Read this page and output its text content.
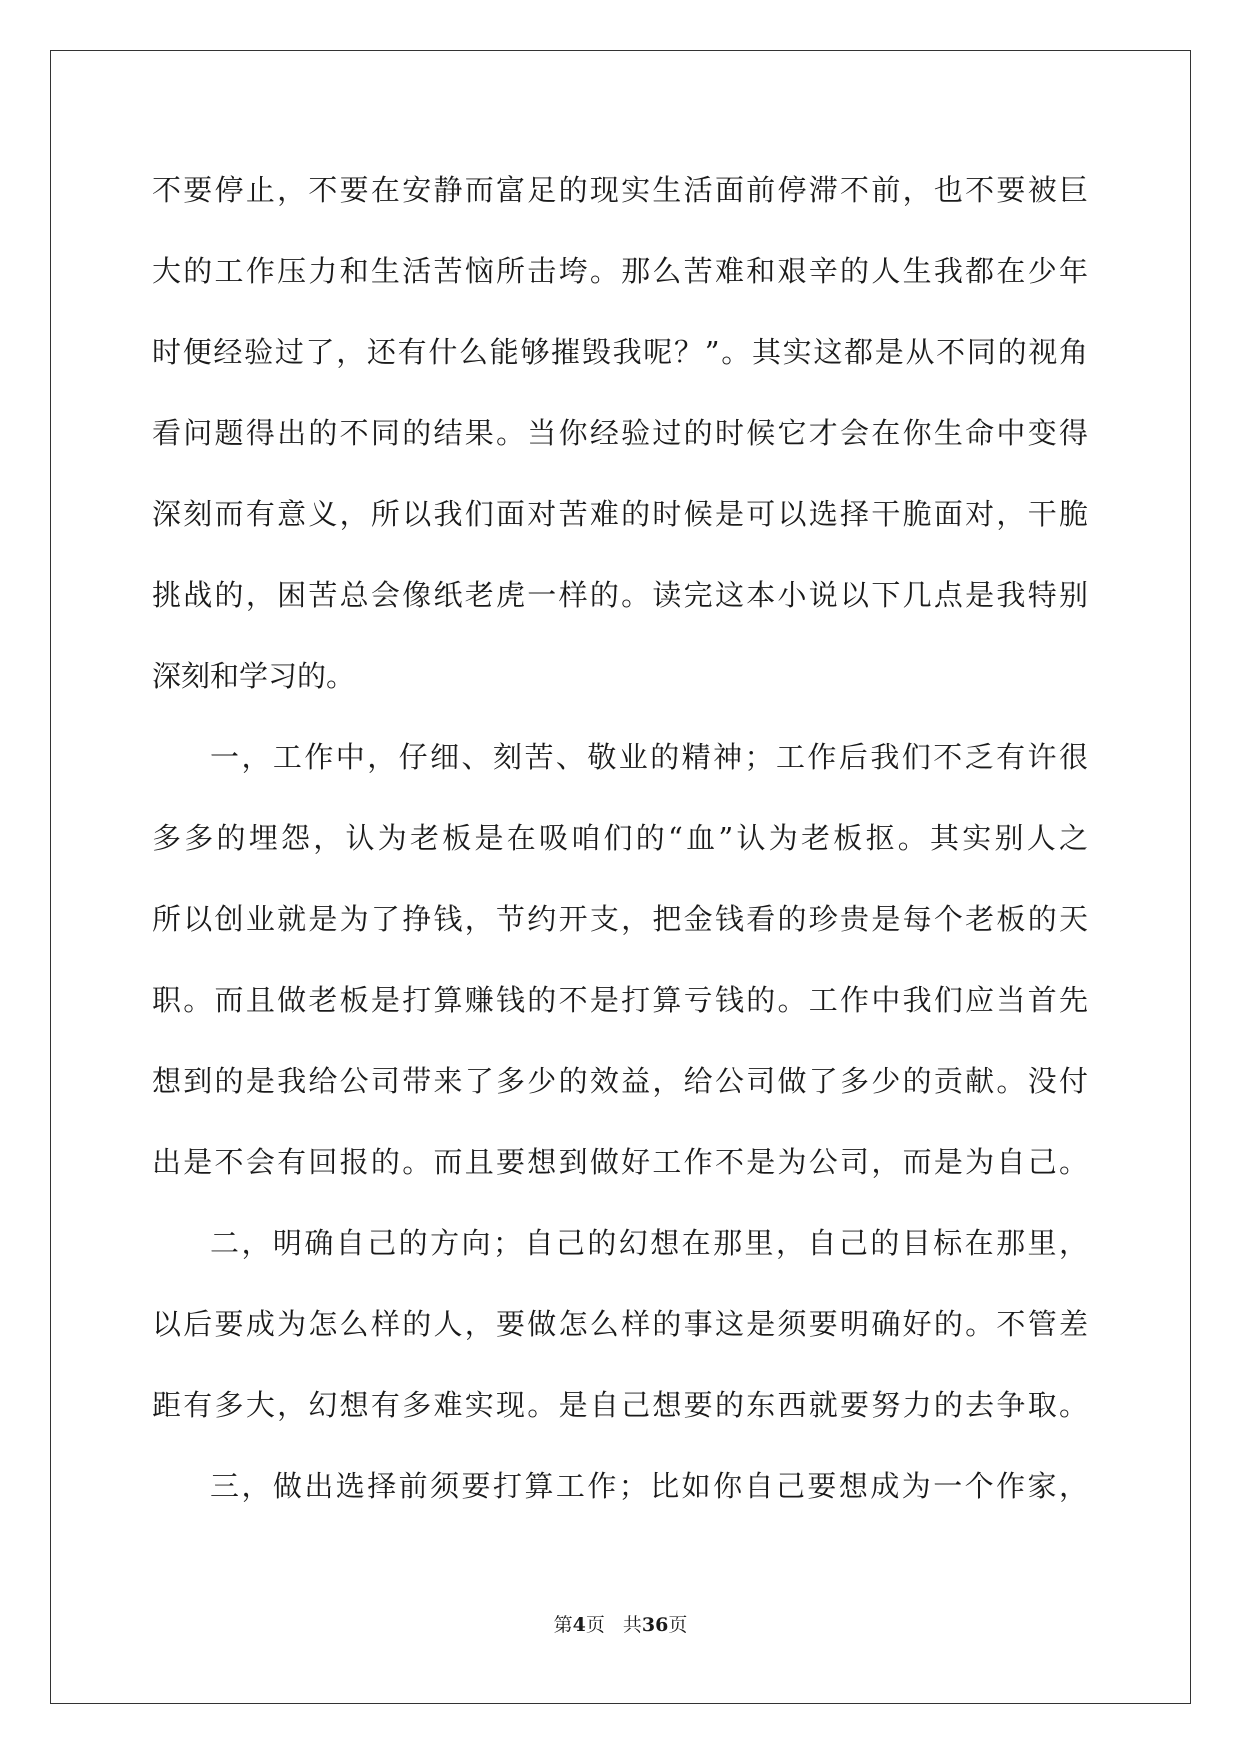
不要停止，不要在安静而富足的现实生活面前停滞不前，也不要被巨
大的工作压力和生活苦恼所击垮。那么苦难和艰辛的人生我都在少年
时便经验过了，还有什么能够摧毁我呢？”。其实这都是从不同的视角
看问题得出的不同的结果。当你经验过的时候它才会在你生命中变得
深刻而有意义，所以我们面对苦难的时候是可以选择干脆面对，干脆
挑战的，困苦总会像纸老虎一样的。读完这本小说以下几点是我特别
深刻和学习的。
一，工作中，仔细、刻苦、敬业的精神；工作后我们不乏有许很
多多的埋怨，认为老板是在吸咱们的“血”认为老板抠。其实别人之
所以创业就是为了挣钱，节约开支，把金钱看的珍贵是每个老板的天
职。而且做老板是打算赚钱的不是打算亏钱的。工作中我们应当首先
想到的是我给公司带来了多少的效益，给公司做了多少的贡献。没付
出是不会有回报的。而且要想到做好工作不是为公司，而是为自己。
二，明确自己的方向；自己的幻想在那里，自己的目标在那里，
以后要成为怎么样的人，要做怎么样的事这是须要明确好的。不管差
距有多大，幻想有多难实现。是自己想要的东西就要努力的去争取。
三，做出选择前须要打算工作；比如你自己要想成为一个作家，
第4页 共36页
